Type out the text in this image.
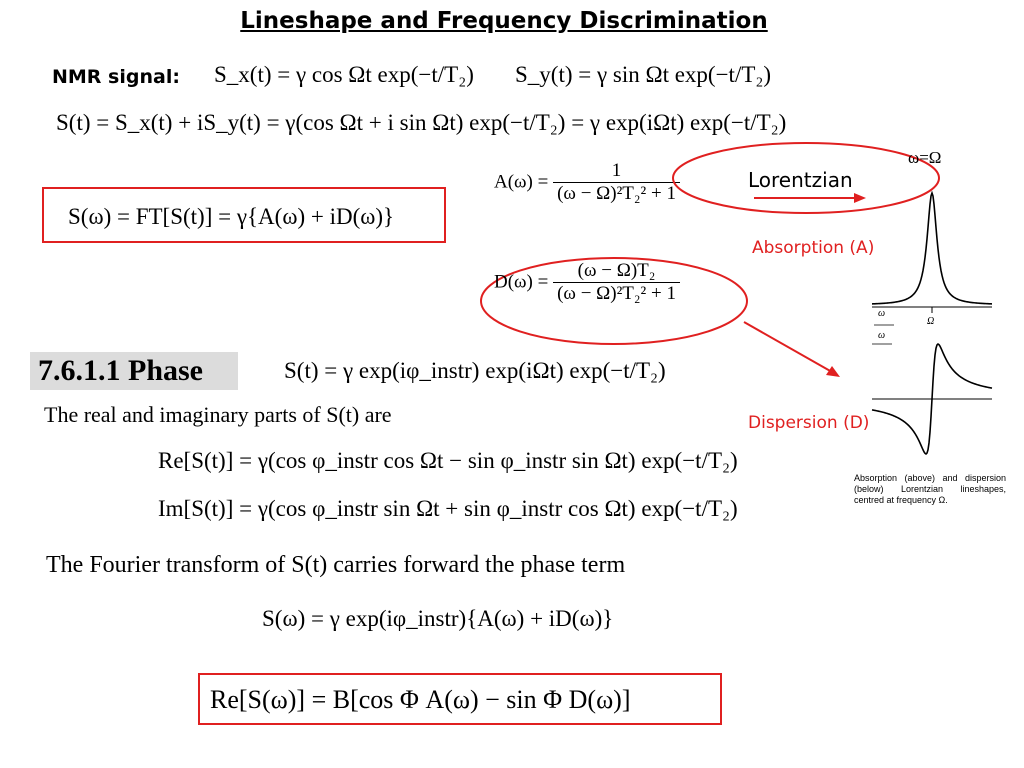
Lineshape and Frequency Discrimination
NMR signal: S_x(t) = γ cos Ωt exp(−t/T₂) S_y(t) = γ sin Ωt exp(−t/T₂)
S(t) = S_x(t) + iS_y(t) = γ(cos Ωt + i sin Ωt) exp(−t/T₂) = γ exp(iΩt) exp(−t/T₂)
S(ω) = FT[S(t)] = γ{A(ω) + iD(ω)}
$A(\omega) = \frac{1}{\text{(ω − Ω)²T₂² + 1}}$	Lorentzian
ω=Ω
Absorption (A)
$D(\omega) = \frac{\text{(ω − Ω)T₂}}{\text{(ω − Ω)²T₂² + 1}}$
ω
Ω
ω
Dispersion (D)
Absorption (above) and dispersion (below) Lorentzian lineshapes, centred at frequency Ω.
7.6.1.1 Phase	S(t) = γ exp(iφ_instr) exp(iΩt) exp(−t/T₂)
The real and imaginary parts of S(t) are
Re[S(t)] = γ(cos φ_instr cos Ωt − sin φ_instr sin Ωt) exp(−t/T₂)
Im[S(t)] = γ(cos φ_instr sin Ωt + sin φ_instr cos Ωt) exp(−t/T₂)
The Fourier transform of S(t) carries forward the phase term
S(ω) = γ exp(iφ_instr){A(ω) + iD(ω)}
Re[S(ω)] = B[cos Φ A(ω) − sin Φ D(ω)]
